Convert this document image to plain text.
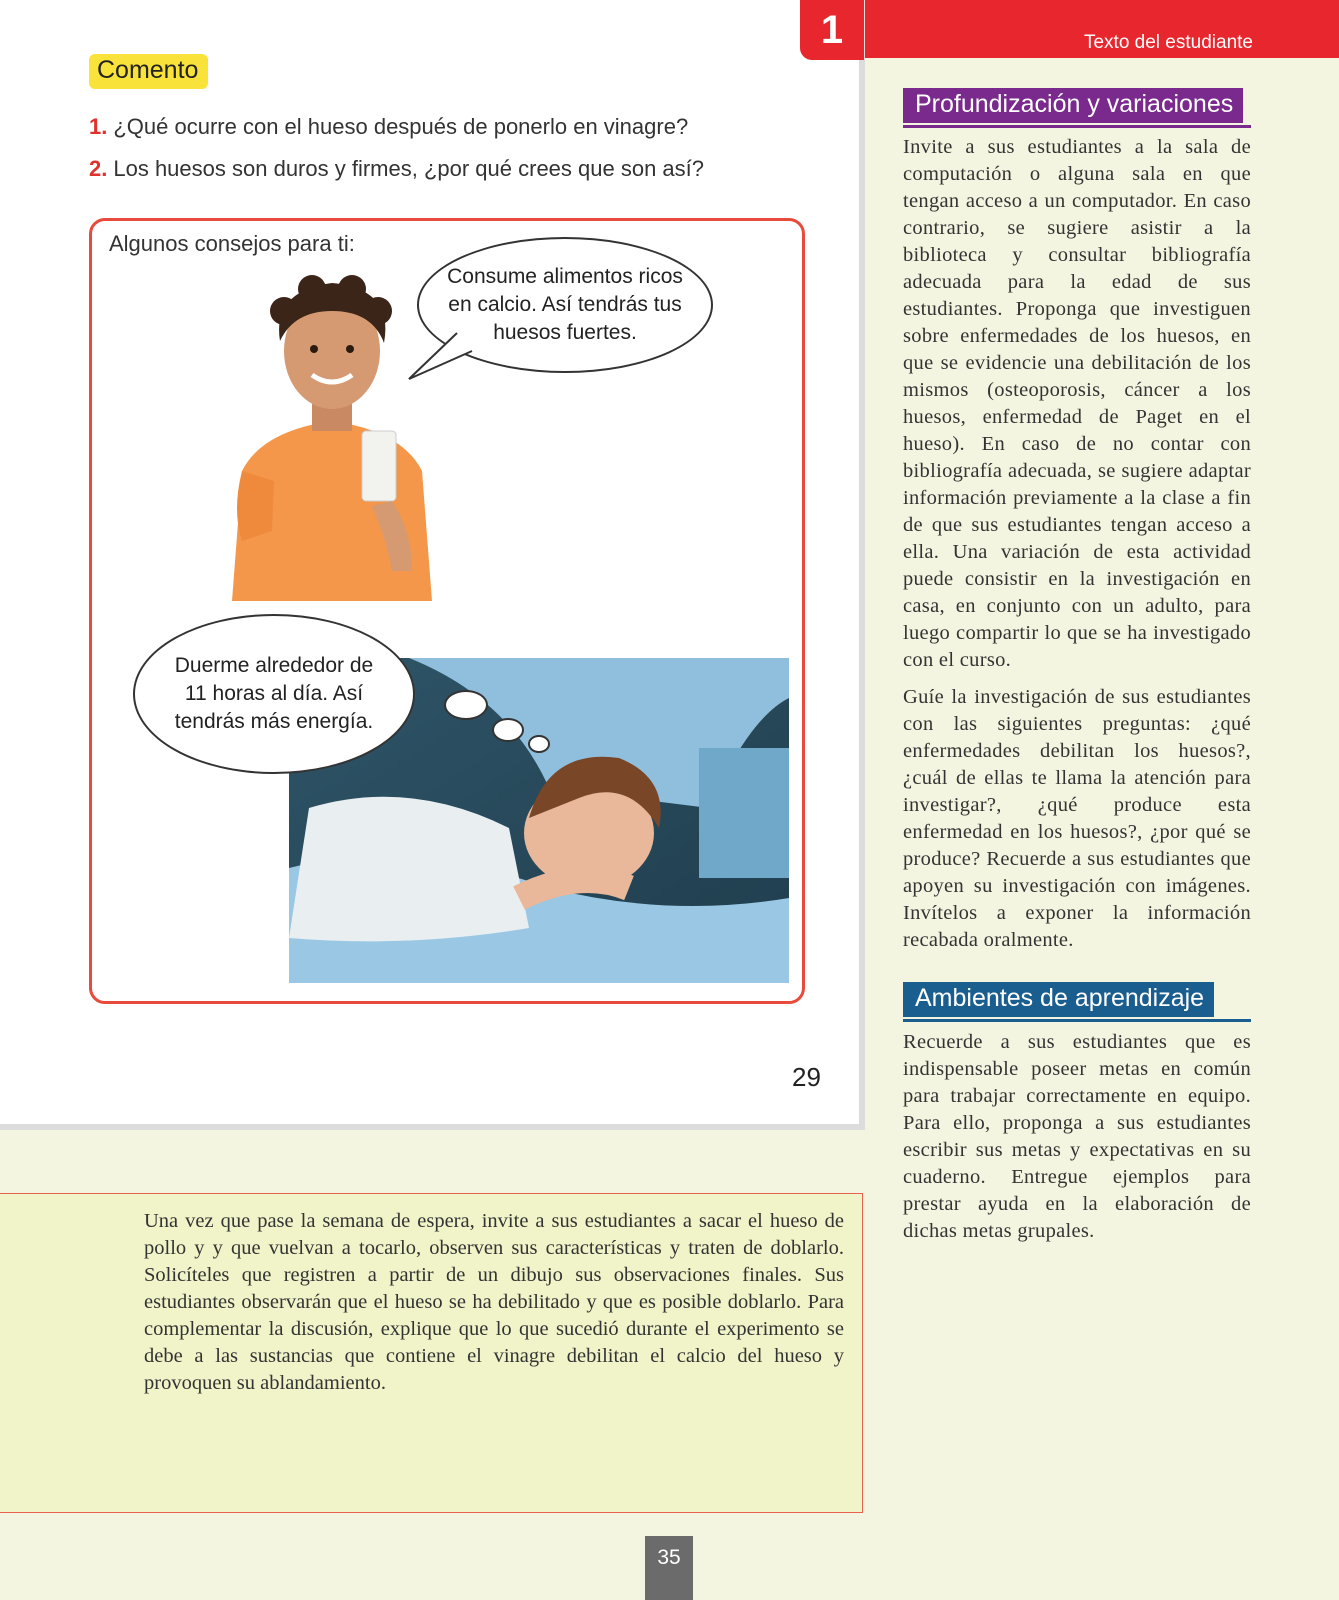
Comento
1. ¿Qué ocurre con el hueso después de ponerlo en vinagre?
2. Los huesos son duros y firmes, ¿por qué crees que son así?
Algunos consejos para ti:
Consume alimentos ricos en calcio. Así tendrás tus huesos fuertes.
Duerme alrededor de 11 horas al día. Así tendrás más energía.
29
1	Texto del estudiante
Profundización y variaciones

Invite a sus estudiantes a la sala de computación o alguna sala en que tengan acceso a un computador. En caso contrario, se sugiere asistir a la biblioteca y consultar bibliografía adecuada para la edad de sus estudiantes. Proponga que investiguen sobre enfermedades de los huesos, en que se evidencie una debilitación de los mismos (osteoporosis, cáncer a los huesos, enfermedad de Paget en el hueso). En caso de no contar con bibliografía adecuada, se sugiere adaptar información previamente a la clase a fin de que sus estudiantes tengan acceso a ella. Una variación de esta actividad puede consistir en la investigación en casa, en conjunto con un adulto, para luego compartir lo que se ha investigado con el curso.

Guíe la investigación de sus estudiantes con las siguientes preguntas: ¿qué enfermedades debilitan los huesos?, ¿cuál de ellas te llama la atención para investigar?, ¿qué produce esta enfermedad en los huesos?, ¿por qué se produce? Recuerde a sus estudiantes que apoyen su investigación con imágenes. Invítelos a exponer la información recabada oralmente.

Ambientes de aprendizaje

Recuerde a sus estudiantes que es indispensable poseer metas en común para trabajar correctamente en equipo. Para ello, proponga a sus estudiantes escribir sus metas y expectativas en su cuaderno. Entregue ejemplos para prestar ayuda en la elaboración de dichas metas grupales.

Una vez que pase la semana de espera, invite a sus estudiantes a sacar el hueso de pollo y y que vuelvan a tocarlo, observen sus características y traten de doblarlo. Solicíteles que registren a partir de un dibujo sus observaciones finales. Sus estudiantes observarán que el hueso se ha debilitado y que es posible doblarlo. Para complementar la discusión, explique que lo que sucedió durante el experimento se debe a las sustancias que contiene el vinagre debilitan el calcio del hueso y provoquen su ablandamiento.

35
